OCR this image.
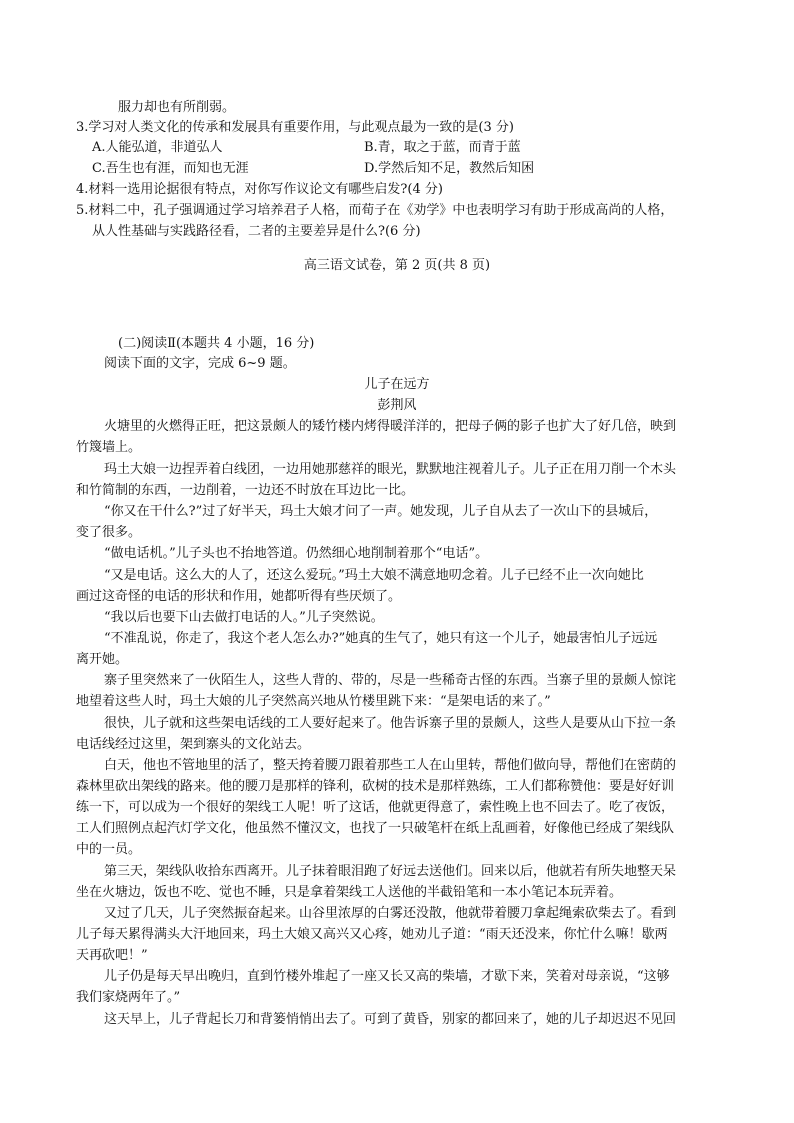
服力却也有所削弱。
3.学习对人类文化的传承和发展具有重要作用，与此观点最为一致的是(3 分)
A.人能弘道，非道弘人	B.青，取之于蓝，而青于蓝
C.吾生也有涯，而知也无涯	D.学然后知不足，教然后知困
4.材料一选用论据很有特点，对你写作议论文有哪些启发?(4 分)
5.材料二中，孔子强调通过学习培养君子人格，而荀子在《劝学》中也表明学习有助于形成高尚的人格，
从人性基础与实践路径看，二者的主要差异是什么?(6 分)
高三语文试卷，第 2 页(共 8 页)
(二)阅读Ⅱ(本题共 4 小题，16 分)
阅读下面的文字，完成 6~9 题。
儿子在远方
彭荆风
火塘里的火燃得正旺，把这景颇人的矮竹楼内烤得暖洋洋的，把母子俩的影子也扩大了好几倍，映到
竹篾墙上。
玛土大娘一边捏弄着白线团，一边用她那慈祥的眼光，默默地注视着儿子。儿子正在用刀削一个木头
和竹简制的东西，一边削着，一边还不时放在耳边比一比。
“你又在干什么?”过了好半天，玛土大娘才问了一声。她发现，儿子自从去了一次山下的县城后，
变了很多。
“做电话机。”儿子头也不抬地答道。仍然细心地削制着那个“电话”。
“又是电话。这么大的人了，还这么爱玩。”玛土大娘不满意地叨念着。儿子已经不止一次向她比
画过这奇怪的电话的形状和作用，她都听得有些厌烦了。
“我以后也要下山去做打电话的人。”儿子突然说。
“不准乱说，你走了，我这个老人怎么办?”她真的生气了，她只有这一个儿子，她最害怕儿子远远
离开她。
寨子里突然来了一伙陌生人，这些人背的、带的，尽是一些稀奇古怪的东西。当寨子里的景颇人惊诧
地望着这些人时，玛土大娘的儿子突然高兴地从竹楼里跳下来：“是架电话的来了。”
很快，儿子就和这些架电话线的工人要好起来了。他告诉寨子里的景颇人，这些人是要从山下拉一条
电话线经过这里，架到寨头的文化站去。
白天，他也不管地里的活了，整天挎着腰刀跟着那些工人在山里转，帮他们做向导，帮他们在密荫的
森林里砍出架线的路来。他的腰刀是那样的锋利，砍树的技术是那样熟练，工人们都称赞他：要是好好训
练一下，可以成为一个很好的架线工人呢！听了这话，他就更得意了，索性晚上也不回去了。吃了夜饭，
工人们照例点起汽灯学文化，他虽然不懂汉文，也找了一只破笔杆在纸上乱画着，好像他已经成了架线队
中的一员。
第三天，架线队收拾东西离开。儿子抹着眼泪跑了好远去送他们。回来以后，他就若有所失地整天呆
坐在火塘边，饭也不吃、觉也不睡，只是拿着架线工人送他的半截铅笔和一本小笔记本玩弄着。
又过了几天，儿子突然振奋起来。山谷里浓厚的白雾还没散，他就带着腰刀拿起绳索砍柴去了。看到
儿子每天累得满头大汗地回来，玛土大娘又高兴又心疼，她劝儿子道：“雨天还没来，你忙什么嘛！歇两
天再砍吧！”
儿子仍是每天早出晚归，直到竹楼外堆起了一座又长又高的柴墙，才歇下来，笑着对母亲说，“这够
我们家烧两年了。”
这天早上，儿子背起长刀和背篓悄悄出去了。可到了黄昏，别家的都回来了，她的儿子却迟迟不见回
